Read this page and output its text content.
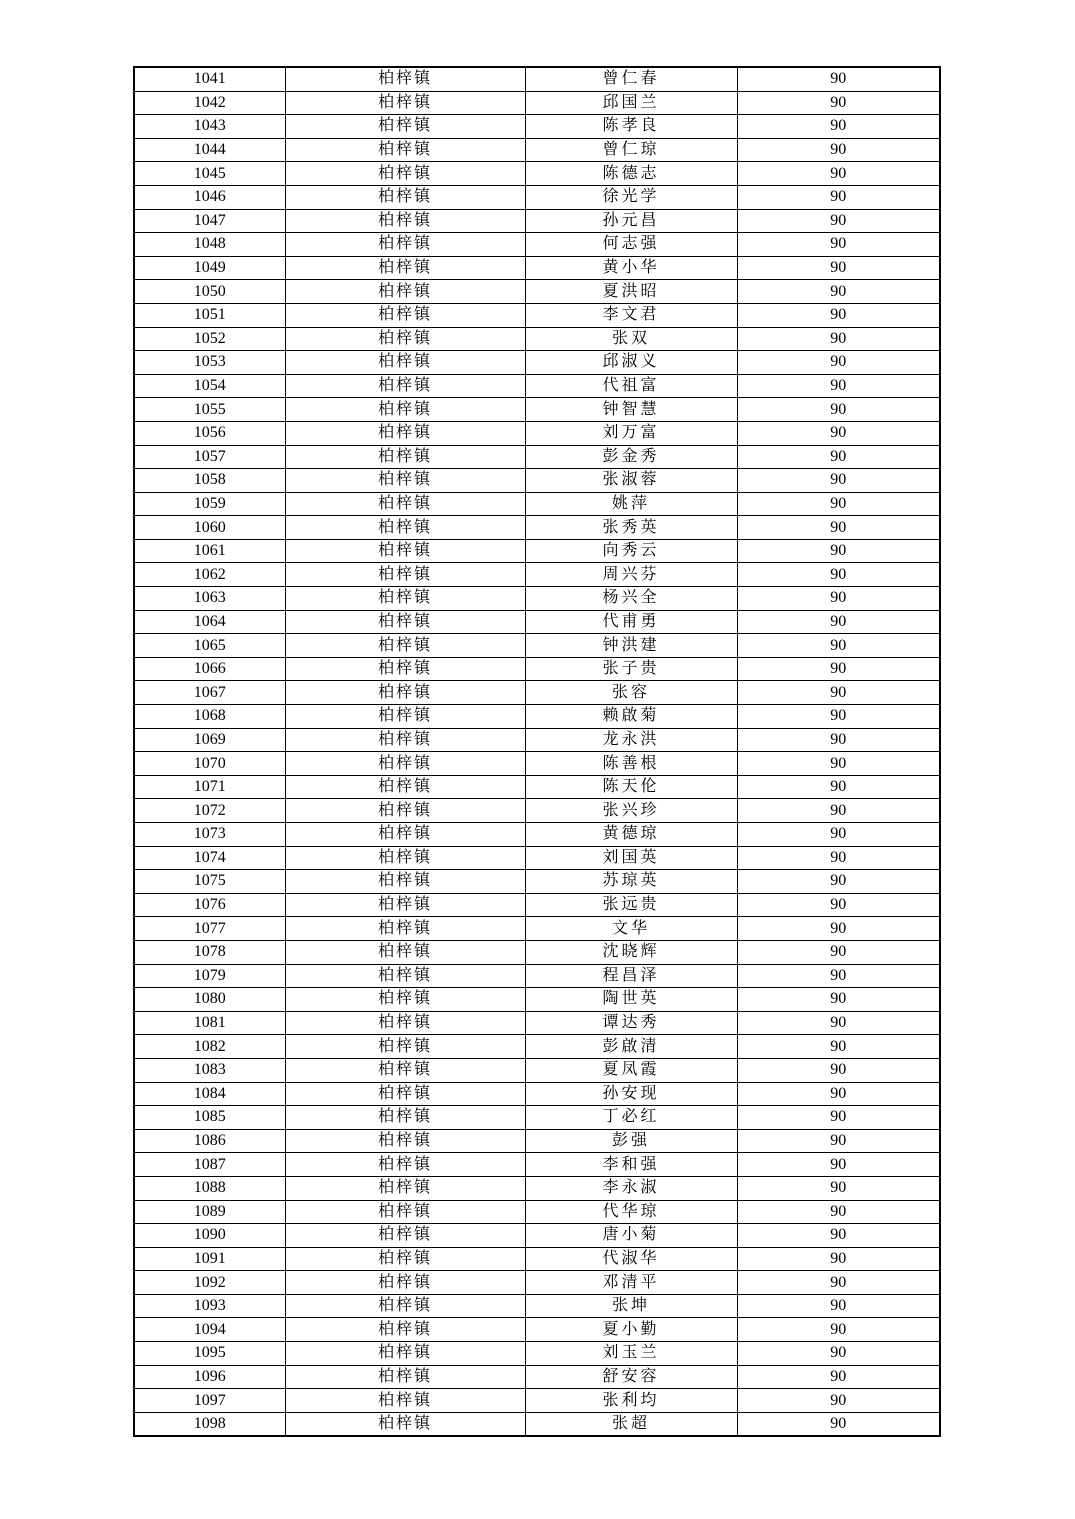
1041	柏梓镇	曾仁春	90
1042	柏梓镇	邱国兰	90
1043	柏梓镇	陈孝良	90
1044	柏梓镇	曾仁琼	90
1045	柏梓镇	陈德志	90
1046	柏梓镇	徐光学	90
1047	柏梓镇	孙元昌	90
1048	柏梓镇	何志强	90
1049	柏梓镇	黄小华	90
1050	柏梓镇	夏洪昭	90
1051	柏梓镇	李文君	90
1052	柏梓镇	张双	90
1053	柏梓镇	邱淑义	90
1054	柏梓镇	代祖富	90
1055	柏梓镇	钟智慧	90
1056	柏梓镇	刘万富	90
1057	柏梓镇	彭金秀	90
1058	柏梓镇	张淑蓉	90
1059	柏梓镇	姚萍	90
1060	柏梓镇	张秀英	90
1061	柏梓镇	向秀云	90
1062	柏梓镇	周兴芬	90
1063	柏梓镇	杨兴全	90
1064	柏梓镇	代甫勇	90
1065	柏梓镇	钟洪建	90
1066	柏梓镇	张子贵	90
1067	柏梓镇	张容	90
1068	柏梓镇	赖啟菊	90
1069	柏梓镇	龙永洪	90
1070	柏梓镇	陈善根	90
1071	柏梓镇	陈天伦	90
1072	柏梓镇	张兴珍	90
1073	柏梓镇	黄德琼	90
1074	柏梓镇	刘国英	90
1075	柏梓镇	苏琼英	90
1076	柏梓镇	张远贵	90
1077	柏梓镇	文华	90
1078	柏梓镇	沈晓辉	90
1079	柏梓镇	程昌泽	90
1080	柏梓镇	陶世英	90
1081	柏梓镇	谭达秀	90
1082	柏梓镇	彭啟清	90
1083	柏梓镇	夏凤霞	90
1084	柏梓镇	孙安现	90
1085	柏梓镇	丁必红	90
1086	柏梓镇	彭强	90
1087	柏梓镇	李和强	90
1088	柏梓镇	李永淑	90
1089	柏梓镇	代华琼	90
1090	柏梓镇	唐小菊	90
1091	柏梓镇	代淑华	90
1092	柏梓镇	邓清平	90
1093	柏梓镇	张坤	90
1094	柏梓镇	夏小勤	90
1095	柏梓镇	刘玉兰	90
1096	柏梓镇	舒安容	90
1097	柏梓镇	张利均	90
1098	柏梓镇	张超	90
